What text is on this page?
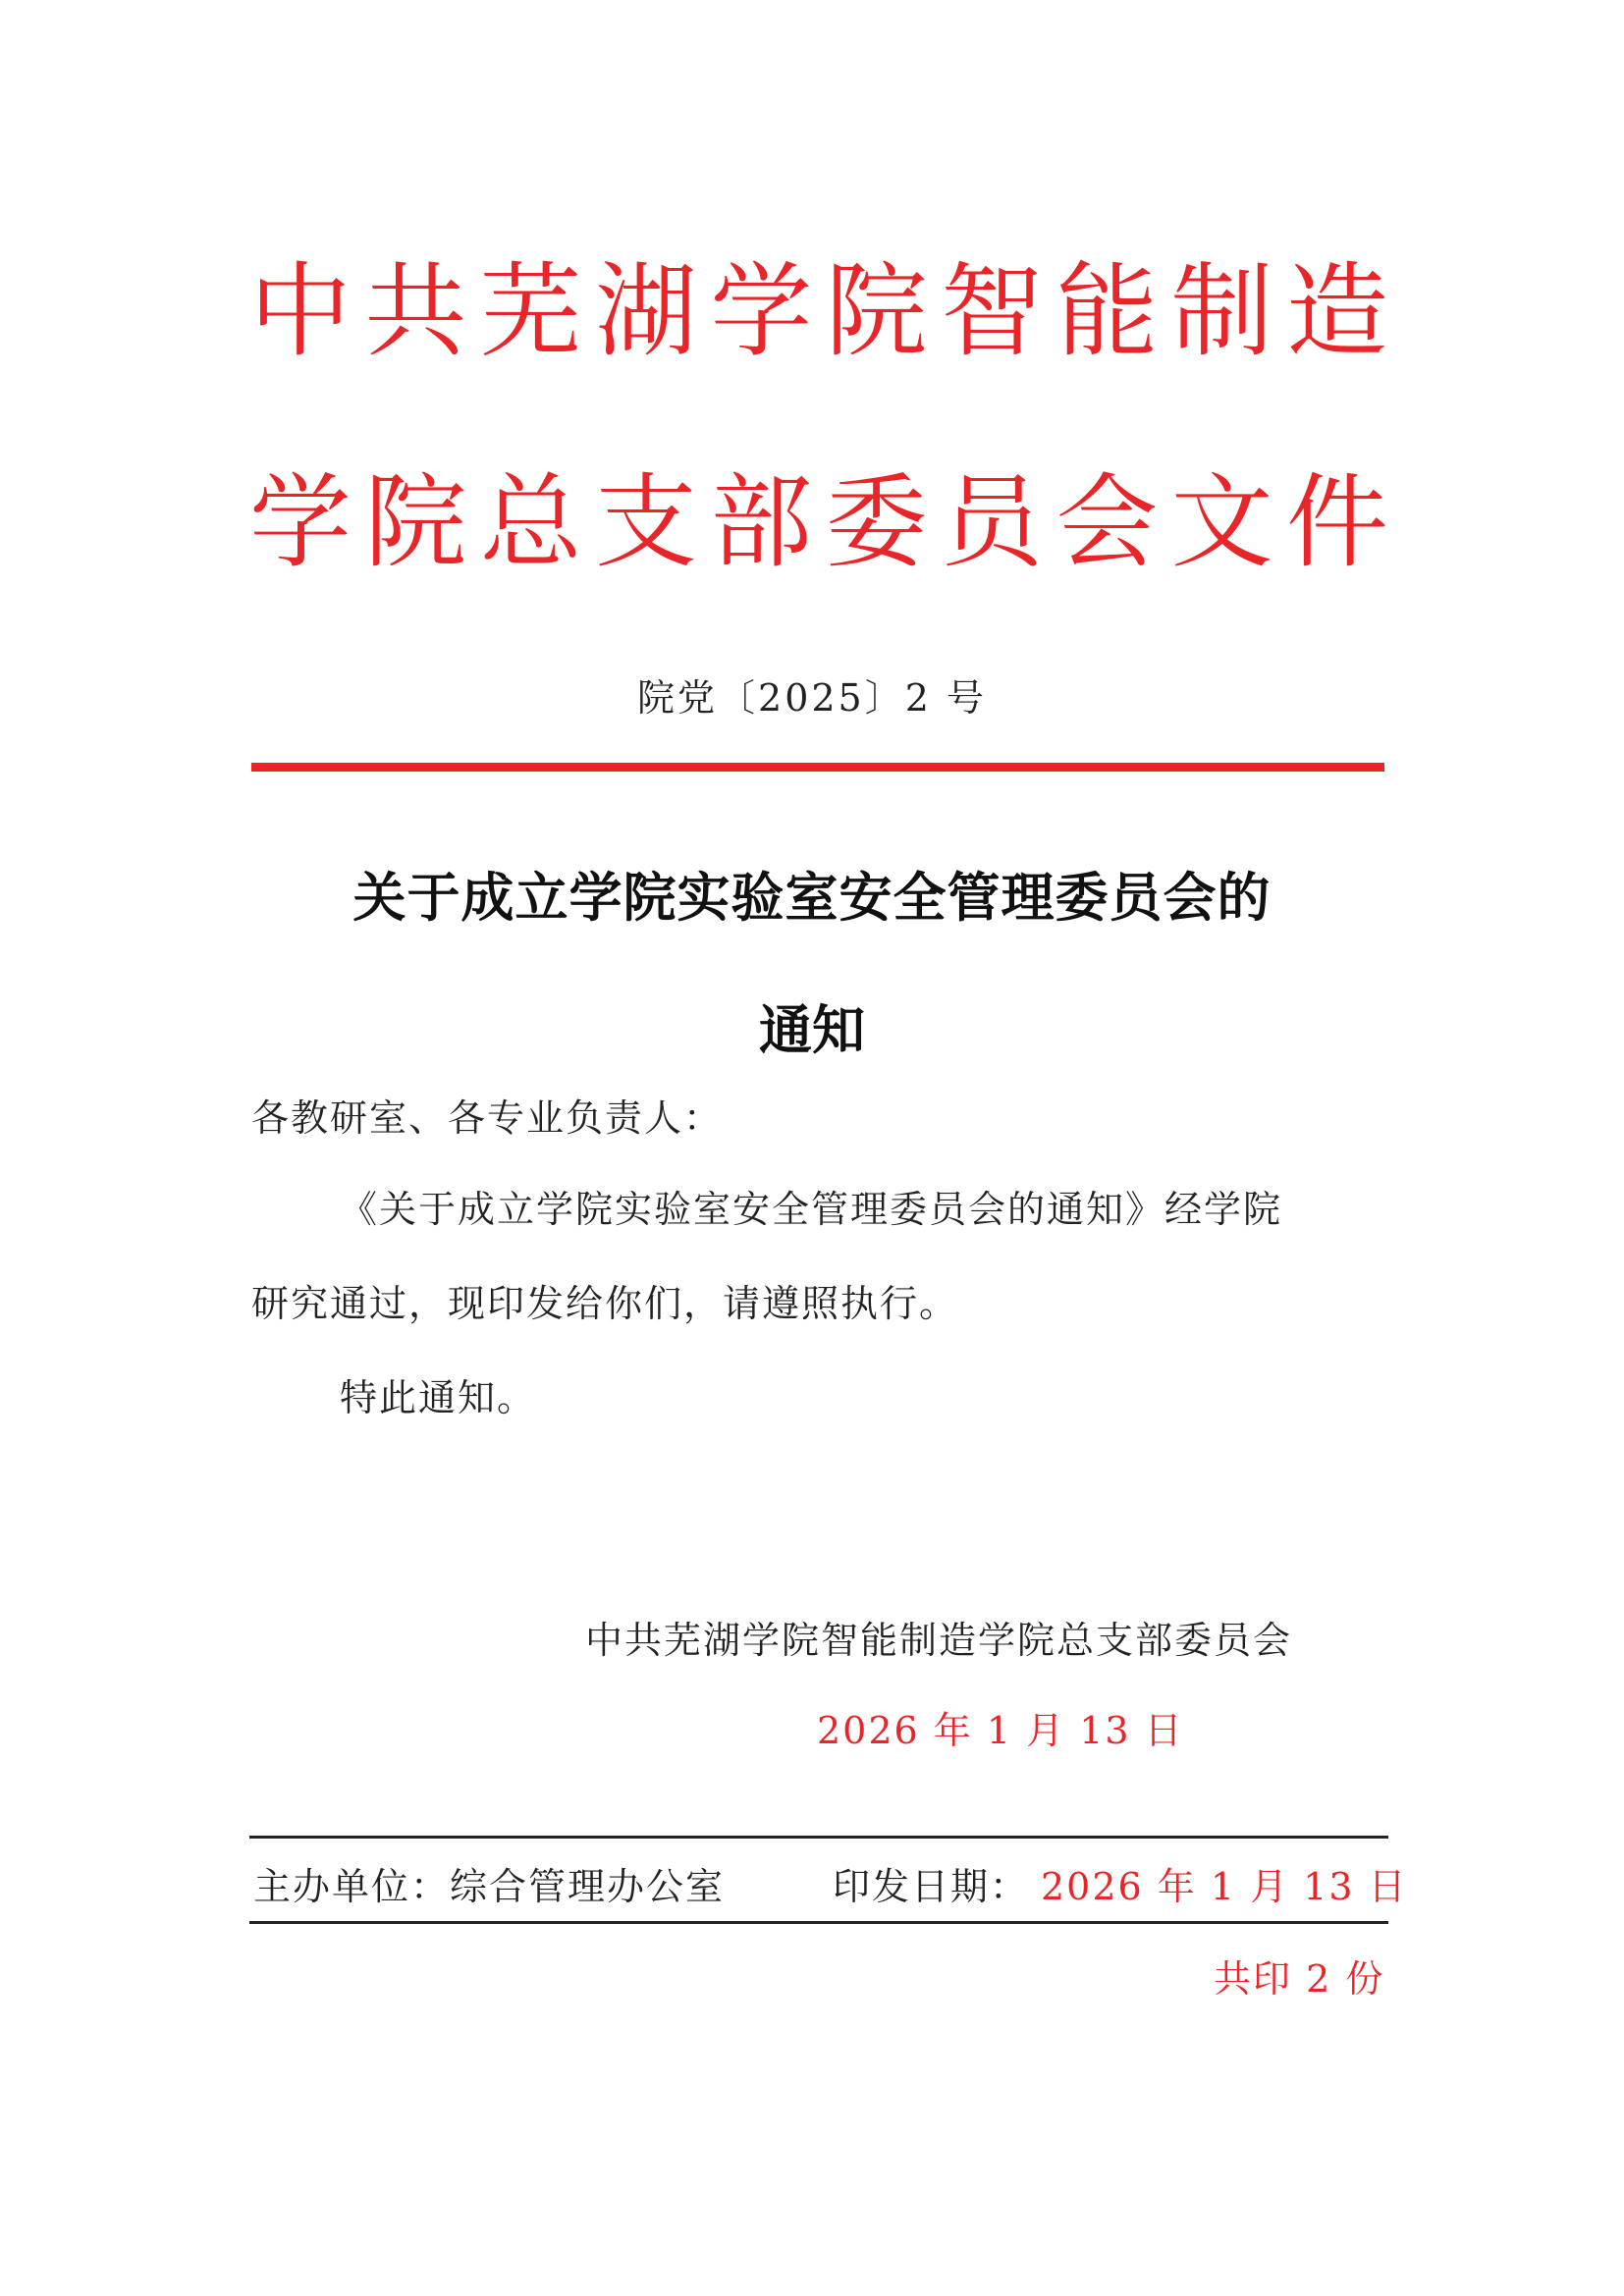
中共芜湖学院智能制造
学院总支部委员会文件
院党〔2025〕2 号
关于成立学院实验室安全管理委员会的
通知
各教研室、各专业负责人：
《关于成立学院实验室安全管理委员会的通知》经学院
研究通过，现印发给你们，请遵照执行。
特此通知。
中共芜湖学院智能制造学院总支部委员会
2026 年 1 月 13 日
主办单位：综合管理办公室	印发日期： 2026 年 1 月 13 日
共印 2 份
